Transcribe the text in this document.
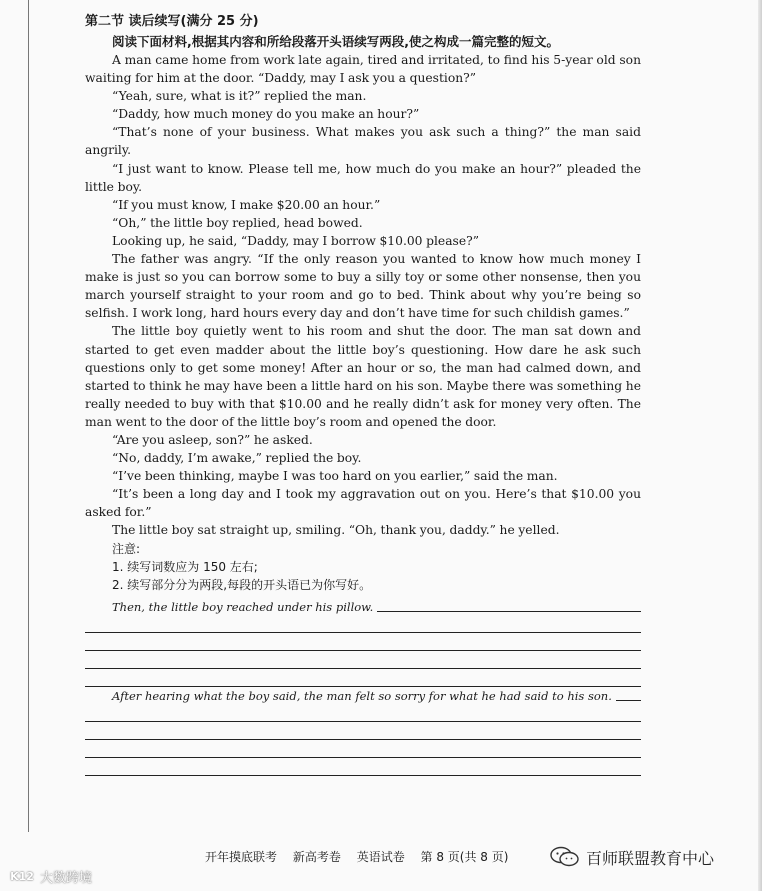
第二节 读后续写(满分 25 分)

阅读下面材料,根据其内容和所给段落开头语续写两段,使之构成一篇完整的短文。

A man came home from work late again, tired and irritated, to find his 5-year old son waiting for him at the door. “Daddy, may I ask you a question?”

“Yeah, sure, what is it?” replied the man.

“Daddy, how much money do you make an hour?”

“That’s none of your business. What makes you ask such a thing?” the man said angrily.

“I just want to know. Please tell me, how much do you make an hour?” pleaded the little boy.

“If you must know, I make $20.00 an hour.”

“Oh,” the little boy replied, head bowed.

Looking up, he said, “Daddy, may I borrow $10.00 please?”

The father was angry. “If the only reason you wanted to know how much money I make is just so you can borrow some to buy a silly toy or some other nonsense, then you march yourself straight to your room and go to bed. Think about why you’re being so selfish. I work long, hard hours every day and don’t have time for such childish games.”

The little boy quietly went to his room and shut the door. The man sat down and started to get even madder about the little boy’s questioning. How dare he ask such questions only to get some money! After an hour or so, the man had calmed down, and started to think he may have been a little hard on his son. Maybe there was something he really needed to buy with that $10.00 and he really didn’t ask for money very often. The man went to the door of the little boy’s room and opened the door.

“Are you asleep, son?” he asked.

“No, daddy, I’m awake,” replied the boy.

“I’ve been thinking, maybe I was too hard on you earlier,” said the man.

“It’s been a long day and I took my aggravation out on you. Here’s that $10.00 you asked for.”

The little boy sat straight up, smiling. “Oh, thank you, daddy.” he yelled.

注意:
1. 续写词数应为 150 左右;
2. 续写部分分为两段,每段的开头语已为你写好。
Then, the little boy reached under his pillow.
After hearing what the boy said, the man felt so sorry for what he had said to his son.
开年摸底联考 新高考卷 英语试卷 第 8 页(共 8 页)
K12 大数跨境
百师联盟教育中心
